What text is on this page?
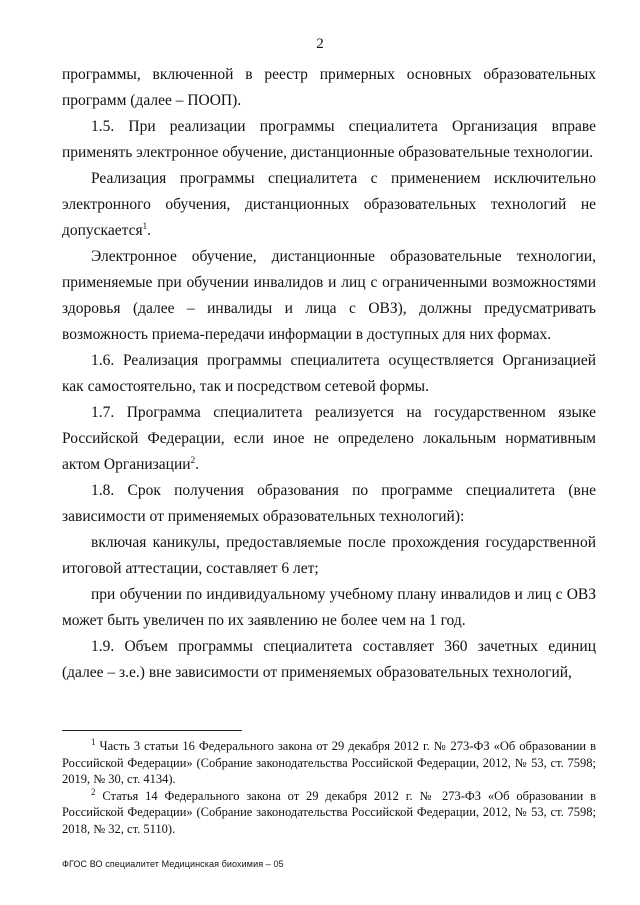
2

программы, включенной в реестр примерных основных образовательных программ (далее – ПООП).

1.5. При реализации программы специалитета Организация вправе применять электронное обучение, дистанционные образовательные технологии.

Реализация программы специалитета с применением исключительно электронного обучения, дистанционных образовательных технологий не допускается$^1$.

Электронное обучение, дистанционные образовательные технологии, применяемые при обучении инвалидов и лиц с ограниченными возможностями здоровья (далее – инвалиды и лица с ОВЗ), должны предусматривать возможность приема-передачи информации в доступных для них формах.

1.6. Реализация программы специалитета осуществляется Организацией как самостоятельно, так и посредством сетевой формы.

1.7. Программа специалитета реализуется на государственном языке Российской Федерации, если иное не определено локальным нормативным актом Организации$^2$.

1.8. Срок получения образования по программе специалитета (вне зависимости от применяемых образовательных технологий):

включая каникулы, предоставляемые после прохождения государственной итоговой аттестации, составляет 6 лет;

при обучении по индивидуальному учебному плану инвалидов и лиц с ОВЗ может быть увеличен по их заявлению не более чем на 1 год.

1.9. Объем программы специалитета составляет 360 зачетных единиц (далее – з.е.) вне зависимости от применяемых образовательных технологий,

$^1$ Часть 3 статьи 16 Федерального закона от 29 декабря 2012 г. № 273-ФЗ «Об образовании в Российской Федерации» (Собрание законодательства Российской Федерации, 2012, № 53, ст. 7598; 2019, № 30, ст. 4134).

$^2$ Статья 14 Федерального закона от 29 декабря 2012 г. № 273-ФЗ «Об образовании в Российской Федерации» (Собрание законодательства Российской Федерации, 2012, № 53, ст. 7598; 2018, № 32, ст. 5110).

ФГОС ВО специалитет Медицинская биохимия – 05
